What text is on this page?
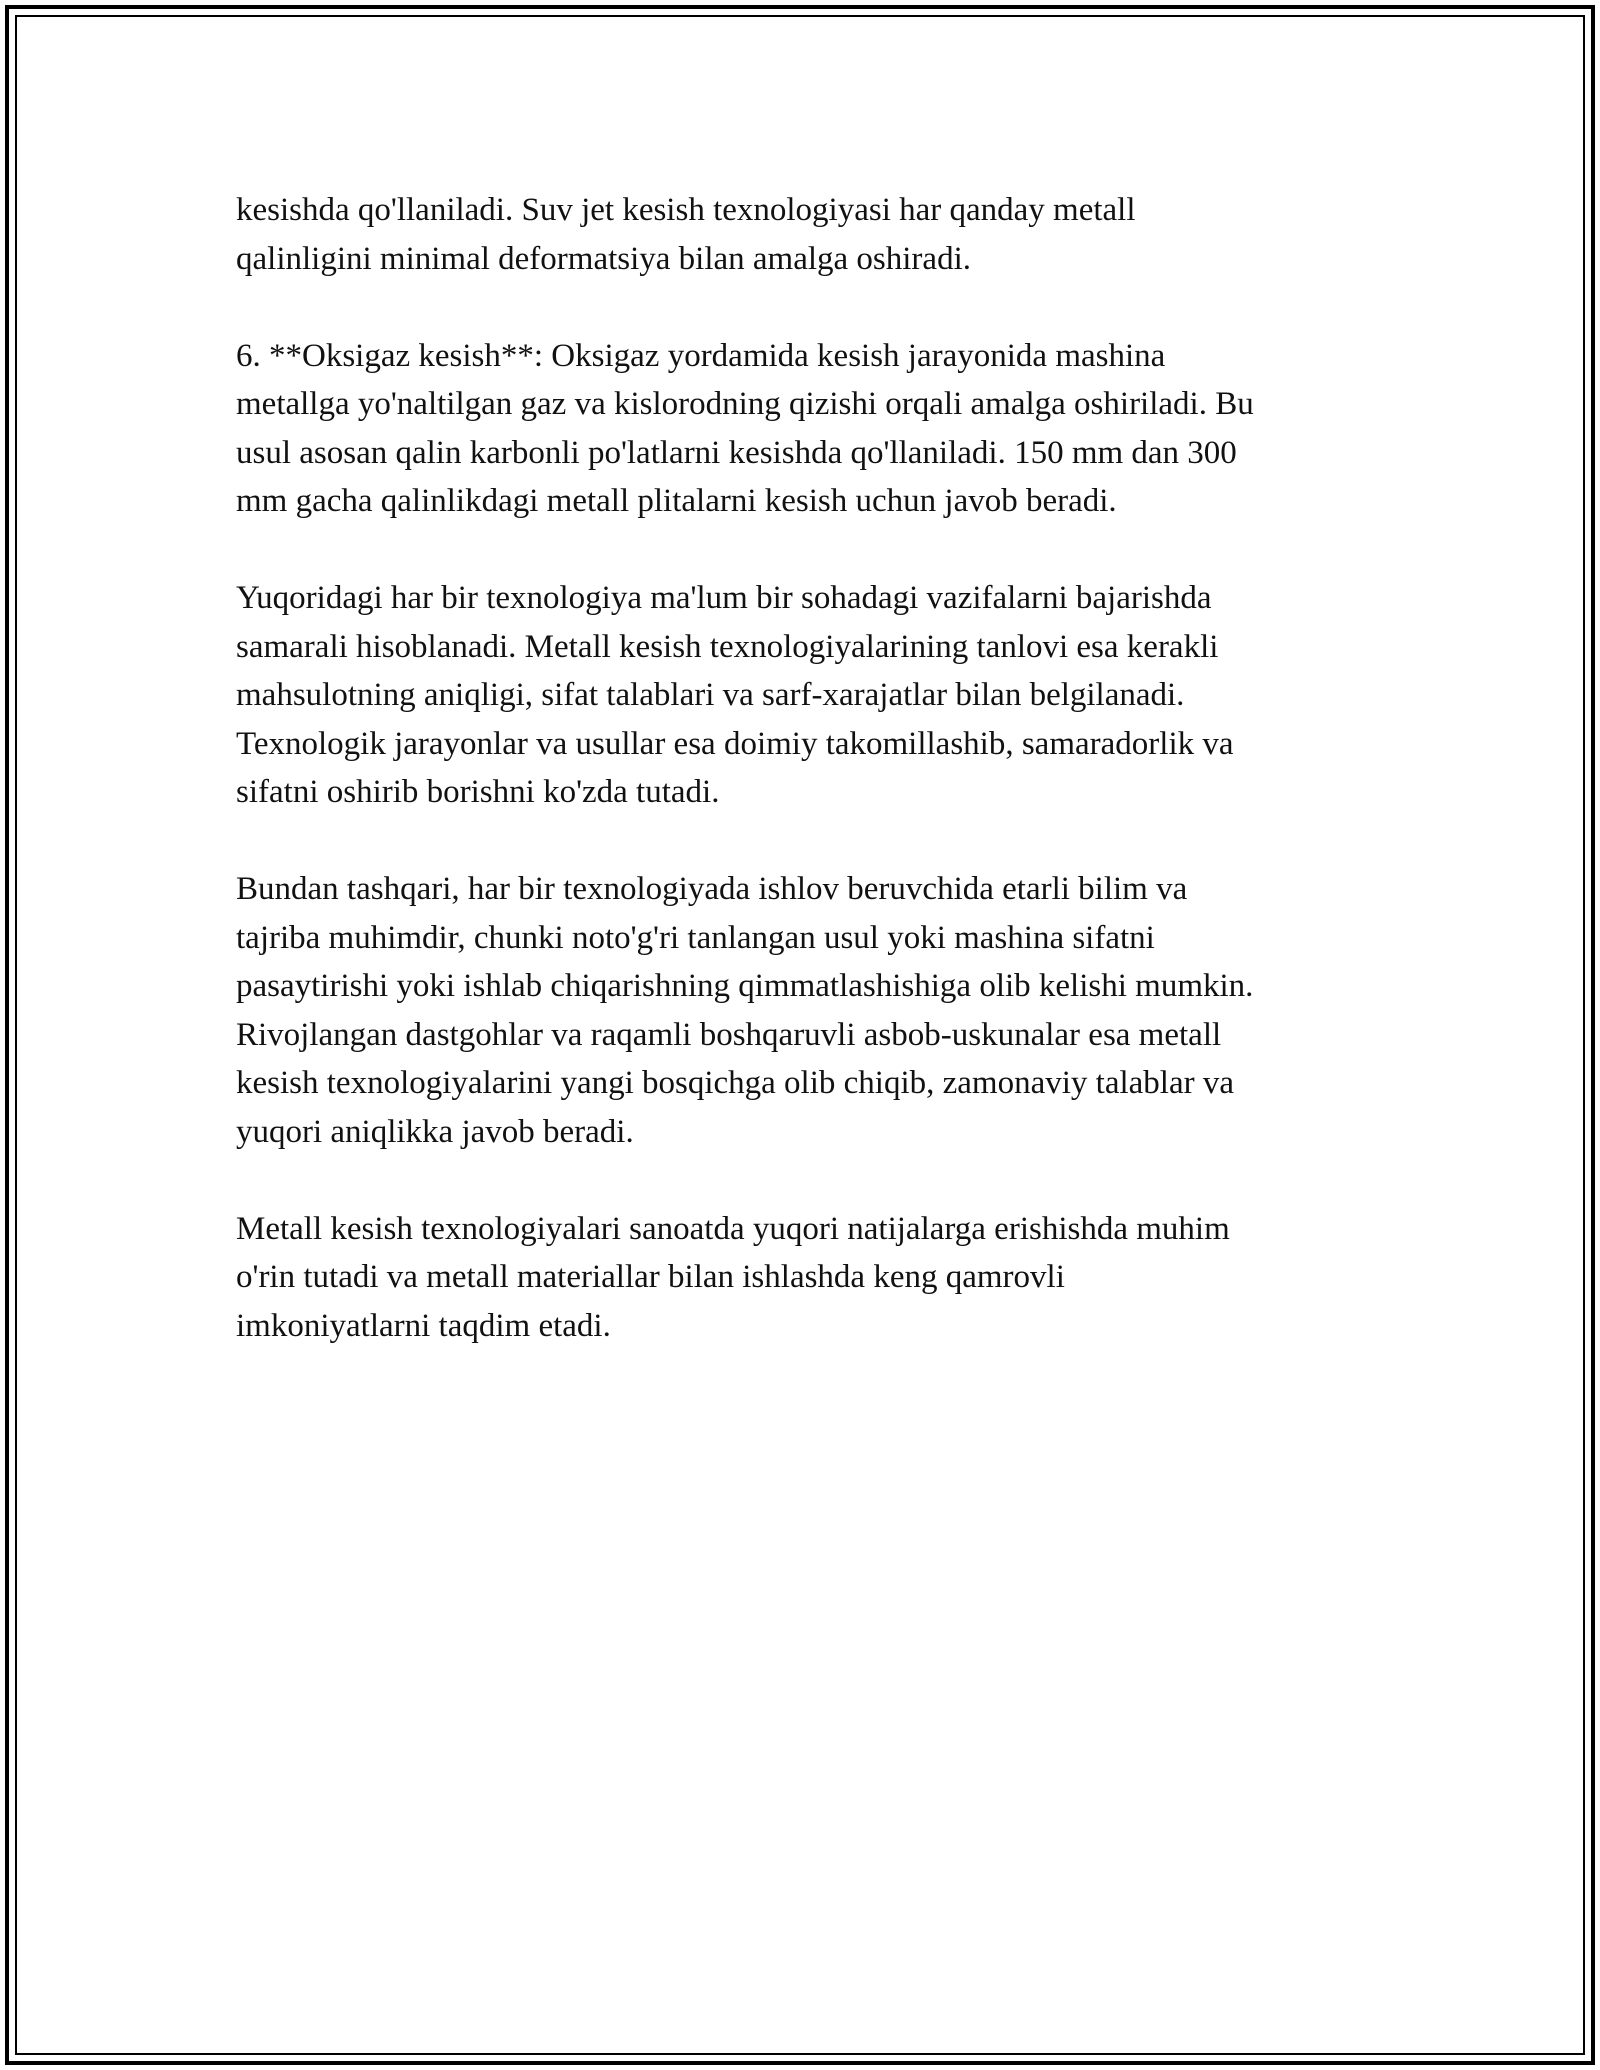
kesishda qo'llaniladi. Suv jet kesish texnologiyasi har qanday metall
qalinligini minimal deformatsiya bilan amalga oshiradi.

6. **Oksigaz kesish**: Oksigaz yordamida kesish jarayonida mashina
metallga yo'naltilgan gaz va kislorodning qizishi orqali amalga oshiriladi. Bu
usul asosan qalin karbonli po'latlarni kesishda qo'llaniladi. 150 mm dan 300
mm gacha qalinlikdagi metall plitalarni kesish uchun javob beradi.

Yuqoridagi har bir texnologiya ma'lum bir sohadagi vazifalarni bajarishda
samarali hisoblanadi. Metall kesish texnologiyalarining tanlovi esa kerakli
mahsulotning aniqligi, sifat talablari va sarf-xarajatlar bilan belgilanadi.
Texnologik jarayonlar va usullar esa doimiy takomillashib, samaradorlik va
sifatni oshirib borishni ko'zda tutadi.

Bundan tashqari, har bir texnologiyada ishlov beruvchida etarli bilim va
tajriba muhimdir, chunki noto'g'ri tanlangan usul yoki mashina sifatni
pasaytirishi yoki ishlab chiqarishning qimmatlashishiga olib kelishi mumkin.
Rivojlangan dastgohlar va raqamli boshqaruvli asbob-uskunalar esa metall
kesish texnologiyalarini yangi bosqichga olib chiqib, zamonaviy talablar va
yuqori aniqlikka javob beradi.

Metall kesish texnologiyalari sanoatda yuqori natijalarga erishishda muhim
o'rin tutadi va metall materiallar bilan ishlashda keng qamrovli
imkoniyatlarni taqdim etadi.
